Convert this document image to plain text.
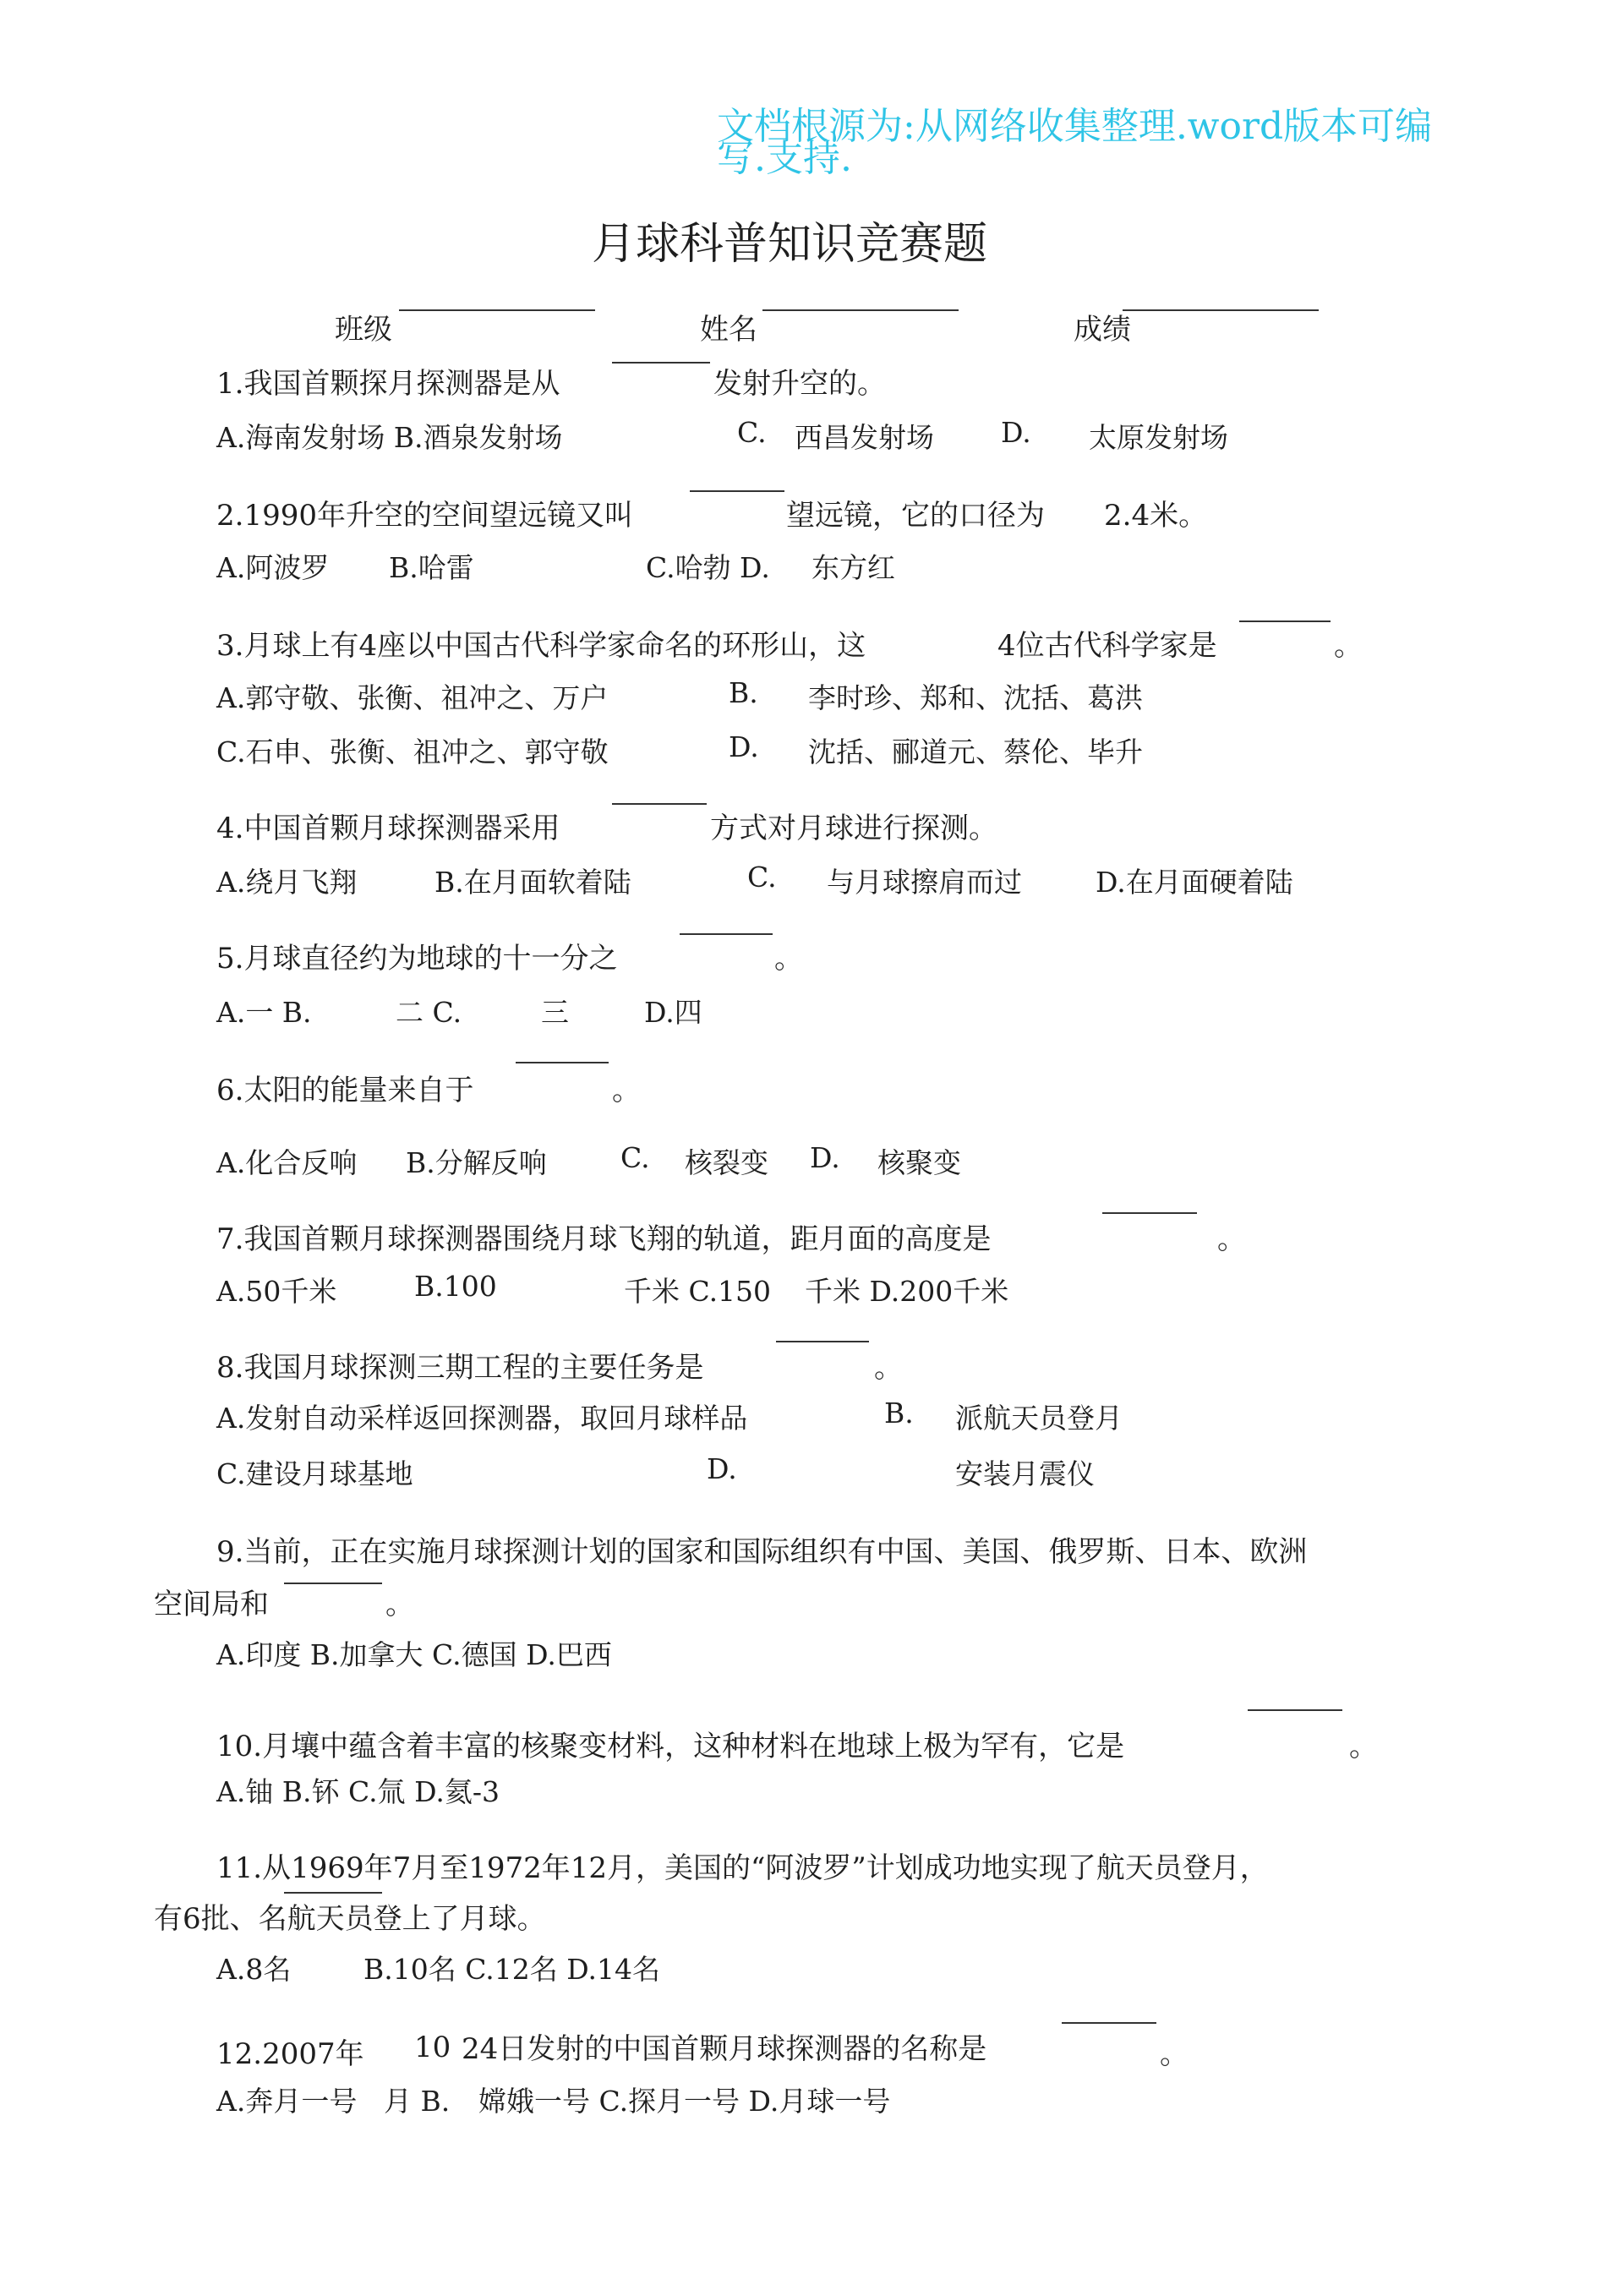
文档根源为:从网络收集整理.word版本可编
写.支持.
月球科普知识竞赛题
班级	姓名	成绩
1.我国首颗探月探测器是从	发射升空的。
A.海南发射场 B.酒泉发射场	C. 西昌发射场 D. 太原发射场
2.1990年升空的空间望远镜又叫	望远镜，它的口径为 2.4米。
A.阿波罗 B.哈雷	C.哈勃 D. 东方红
3.月球上有4座以中国古代科学家命名的环形山，这	4位古代科学家是	。
A.郭守敬、张衡、祖冲之、万户	B. 李时珍、郑和、沈括、葛洪
C.石申、张衡、祖冲之、郭守敬	D. 沈括、郦道元、蔡伦、毕升
4.中国首颗月球探测器采用	方式对月球进行探测。
A.绕月飞翔	B.在月面软着陆	C. 与月球擦肩而过	D.在月面硬着陆
5.月球直径约为地球的十一分之	。
A.一 B.	二 C.	三	D.四
6.太阳的能量来自于	。
A.化合反响 B.分解反响	C. 核裂变 D. 核聚变
7.我国首颗月球探测器围绕月球飞翔的轨道，距月面的高度是	。
A.50千米	B.100	千米 C.150 千米 D.200千米
8.我国月球探测三期工程的主要任务是	。
A.发射自动采样返回探测器，取回月球样品	B. 派航天员登月
C.建设月球基地	D.	安装月震仪
9.当前，正在实施月球探测计划的国家和国际组织有中国、美国、俄罗斯、日本、欧洲
空间局和	。
A.印度 B.加拿大 C.德国 D.巴西
10.月壤中蕴含着丰富的核聚变材料，这种材料在地球上极为罕有，它是	。
A.铀 B.钚 C.氚 D.氦-3
11.从1969年7月至1972年12月，美国的“阿波罗”计划成功地实现了航天员登月，
有6批、名航天员登上了月球。
A.8名	B.10名 C.12名 D.14名
12.2007年 10 24日发射的中国首颗月球探测器的名称是	。
A.奔月一号 月 B. 嫦娥一号 C.探月一号 D.月球一号
